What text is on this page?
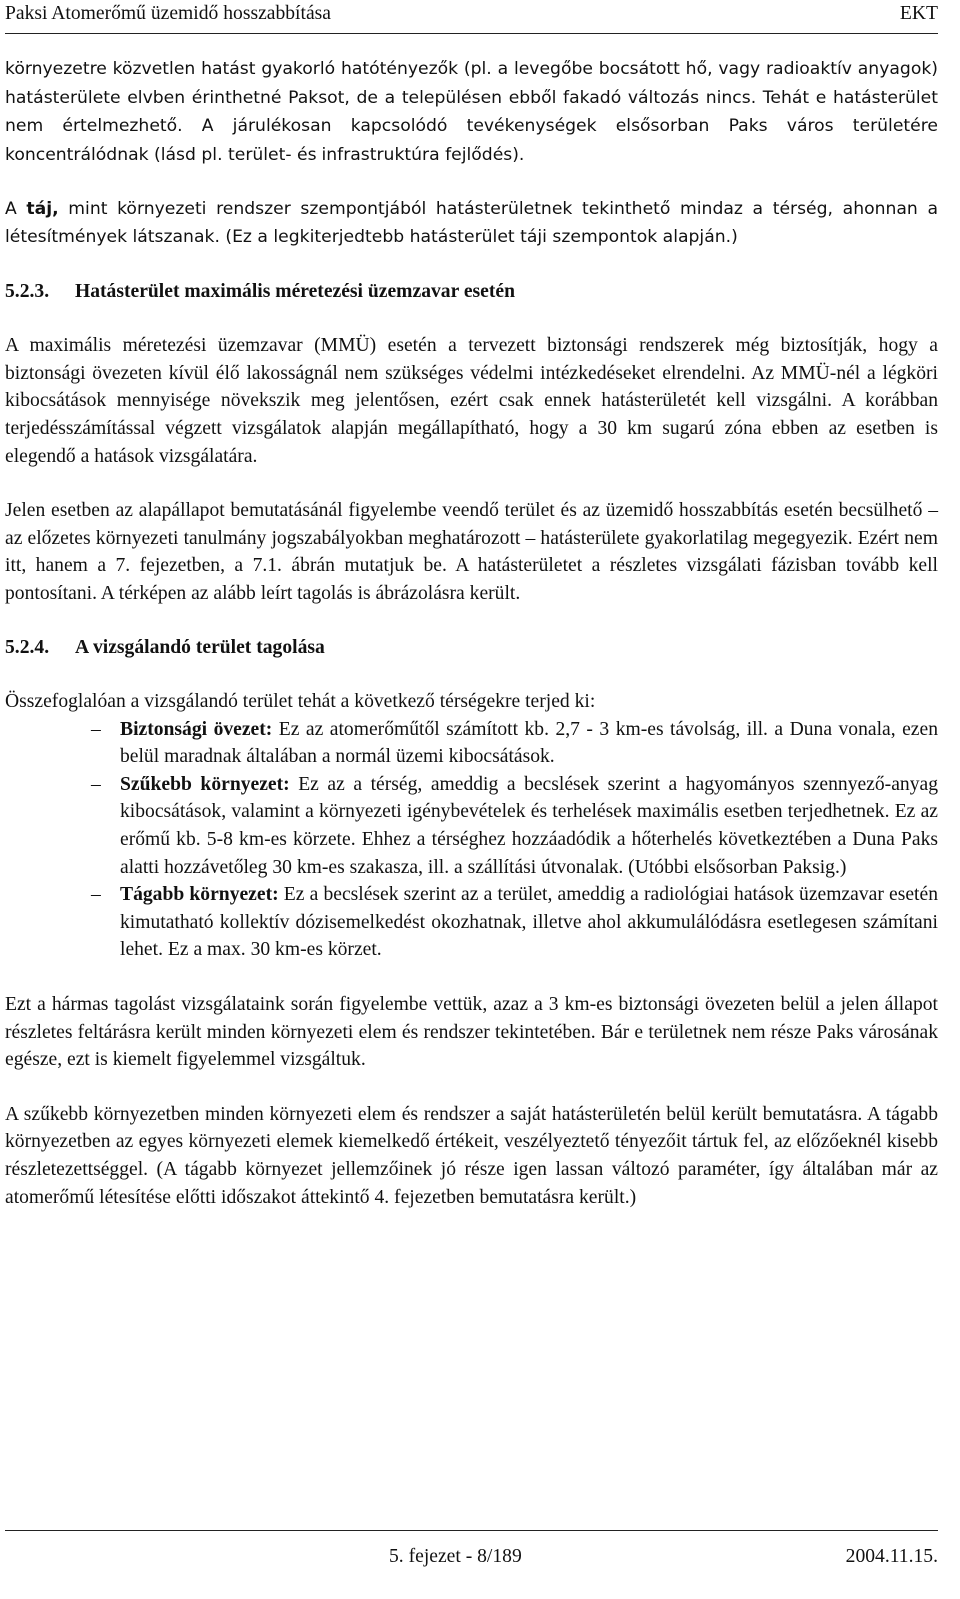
Paksi Atomerőmű üzemidő hosszabbítása	EKT

környezetre közvetlen hatást gyakorló hatótényezők (pl. a levegőbe bocsátott hő, vagy radioaktív anyagok) hatásterülete elvben érinthetné Paksot, de a településen ebből fakadó változás nincs. Tehát e hatásterület nem értelmezhető. A járulékosan kapcsolódó tevékenységek elsősorban Paks város területére koncentrálódnak (lásd pl. terület- és infrastruktúra fejlődés).

A táj, mint környezeti rendszer szempontjából hatásterületnek tekinthető mindaz a térség, ahonnan a létesítmények látszanak. (Ez a legkiterjedtebb hatásterület táji szempontok alapján.)

5.2.3. Hatásterület maximális méretezési üzemzavar esetén

A maximális méretezési üzemzavar (MMÜ) esetén a tervezett biztonsági rendszerek még biztosítják, hogy a biztonsági övezeten kívül élő lakosságnál nem szükséges védelmi intézkedéseket elrendelni. Az MMÜ-nél a légköri kibocsátások mennyisége növekszik meg jelentősen, ezért csak ennek hatásterületét kell vizsgálni. A korábban terjedésszámítással végzett vizsgálatok alapján megállapítható, hogy a 30 km sugarú zóna ebben az esetben is elegendő a hatások vizsgálatára.

Jelen esetben az alapállapot bemutatásánál figyelembe veendő terület és az üzemidő hosszabbítás esetén becsülhető – az előzetes környezeti tanulmány jogszabályokban meghatározott – hatásterülete gyakorlatilag megegyezik. Ezért nem itt, hanem a 7. fejezetben, a 7.1. ábrán mutatjuk be. A hatásterületet a részletes vizsgálati fázisban tovább kell pontosítani. A térképen az alább leírt tagolás is ábrázolásra került.

5.2.4. A vizsgálandó terület tagolása

Összefoglalóan a vizsgálandó terület tehát a következő térségekre terjed ki:

– Biztonsági övezet: Ez az atomerőműtől számított kb. 2,7 - 3 km-es távolság, ill. a Duna vonala, ezen belül maradnak általában a normál üzemi kibocsátások.
– Szűkebb környezet: Ez az a térség, ameddig a becslések szerint a hagyományos szennyező-anyag kibocsátások, valamint a környezeti igénybevételek és terhelések maximális esetben terjedhetnek. Ez az erőmű kb. 5-8 km-es körzete. Ehhez a térséghez hozzáadódik a hőterhelés következtében a Duna Paks alatti hozzávetőleg 30 km-es szakasza, ill. a szállítási útvonalak. (Utóbbi elsősorban Paksig.)
– Tágabb környezet: Ez a becslések szerint az a terület, ameddig a radiológiai hatások üzemzavar esetén kimutatható kollektív dózisemelkedést okozhatnak, illetve ahol akkumulálódásra esetlegesen számítani lehet. Ez a max. 30 km-es körzet.

Ezt a hármas tagolást vizsgálataink során figyelembe vettük, azaz a 3 km-es biztonsági övezeten belül a jelen állapot részletes feltárásra került minden környezeti elem és rendszer tekintetében. Bár e területnek nem része Paks városának egésze, ezt is kiemelt figyelemmel vizsgáltuk.

A szűkebb környezetben minden környezeti elem és rendszer a saját hatásterületén belül került bemutatásra. A tágabb környezetben az egyes környezeti elemek kiemelkedő értékeit, veszélyeztető tényezőit tártuk fel, az előzőeknél kisebb részletezettséggel. (A tágabb környezet jellemzőinek jó része igen lassan változó paraméter, így általában már az atomerőmű létesítése előtti időszakot áttekintő 4. fejezetben bemutatásra került.)

5. fejezet - 8/189	2004.11.15.
